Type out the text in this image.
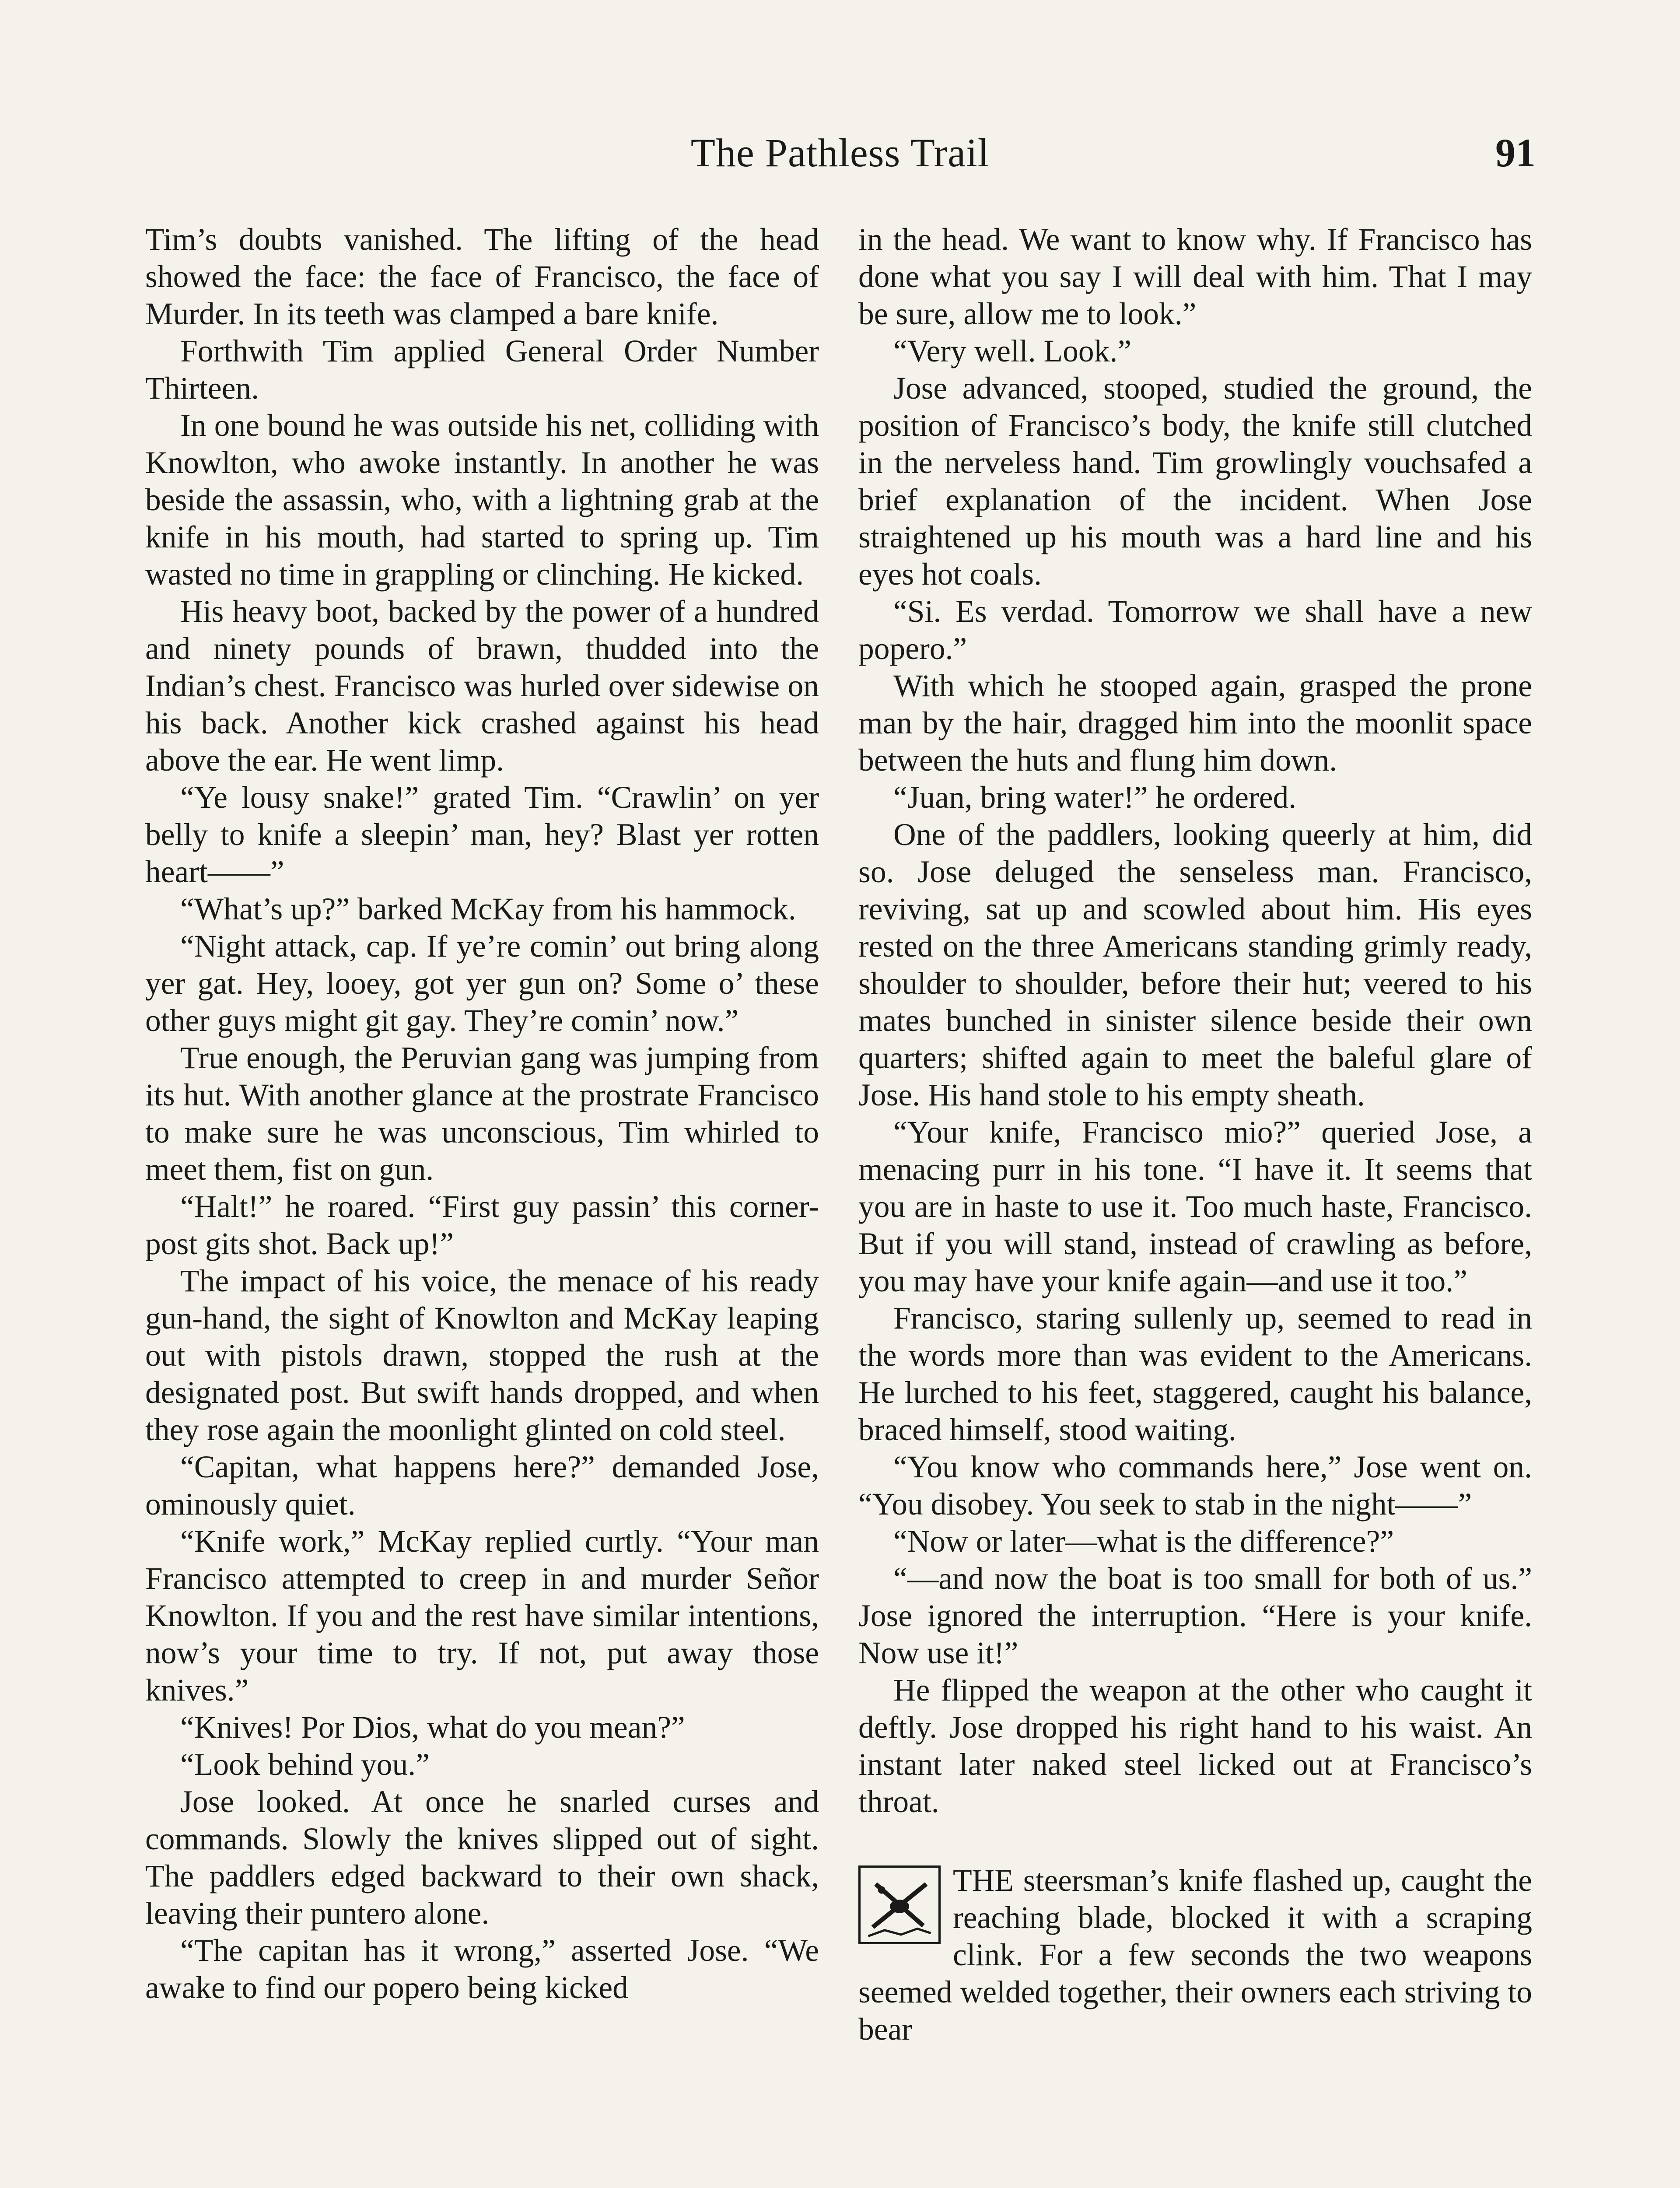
The Pathless Trail	91

Tim’s doubts vanished. The lifting of the head showed the face: the face of Francisco, the face of Murder. In its teeth was clamped a bare knife.

Forthwith Tim applied General Order Number Thirteen.

In one bound he was outside his net, colliding with Knowlton, who awoke instantly. In another he was beside the assassin, who, with a lightning grab at the knife in his mouth, had started to spring up. Tim wasted no time in grappling or clinching. He kicked.

His heavy boot, backed by the power of a hundred and ninety pounds of brawn, thudded into the Indian’s chest. Francisco was hurled over sidewise on his back. Another kick crashed against his head above the ear. He went limp.

“Ye lousy snake!” grated Tim. “Crawlin’ on yer belly to knife a sleepin’ man, hey? Blast yer rotten heart——”

“What’s up?” barked McKay from his hammock.

“Night attack, cap. If ye’re comin’ out bring along yer gat. Hey, looey, got yer gun on? Some o’ these other guys might git gay. They’re comin’ now.”

True enough, the Peruvian gang was jumping from its hut. With another glance at the prostrate Francisco to make sure he was unconscious, Tim whirled to meet them, fist on gun.

“Halt!” he roared. “First guy passin’ this corner-post gits shot. Back up!”

The impact of his voice, the menace of his ready gun-hand, the sight of Knowlton and McKay leaping out with pistols drawn, stopped the rush at the designated post. But swift hands dropped, and when they rose again the moonlight glinted on cold steel.

“Capitan, what happens here?” demanded Jose, ominously quiet.

“Knife work,” McKay replied curtly. “Your man Francisco attempted to creep in and murder Señor Knowlton. If you and the rest have similar intentions, now’s your time to try. If not, put away those knives.”

“Knives! Por Dios, what do you mean?”

“Look behind you.”

Jose looked. At once he snarled curses and commands. Slowly the knives slipped out of sight. The paddlers edged backward to their own shack, leaving their puntero alone.

“The capitan has it wrong,” asserted Jose. “We awake to find our popero being kicked

in the head. We want to know why. If Francisco has done what you say I will deal with him. That I may be sure, allow me to look.”

“Very well. Look.”

Jose advanced, stooped, studied the ground, the position of Francisco’s body, the knife still clutched in the nerveless hand. Tim growlingly vouchsafed a brief explanation of the incident. When Jose straightened up his mouth was a hard line and his eyes hot coals.

“Si. Es verdad. Tomorrow we shall have a new popero.”

With which he stooped again, grasped the prone man by the hair, dragged him into the moonlit space between the huts and flung him down.

“Juan, bring water!” he ordered.

One of the paddlers, looking queerly at him, did so. Jose deluged the senseless man. Francisco, reviving, sat up and scowled about him. His eyes rested on the three Americans standing grimly ready, shoulder to shoulder, before their hut; veered to his mates bunched in sinister silence beside their own quarters; shifted again to meet the baleful glare of Jose. His hand stole to his empty sheath.

“Your knife, Francisco mio?” queried Jose, a menacing purr in his tone. “I have it. It seems that you are in haste to use it. Too much haste, Francisco. But if you will stand, instead of crawling as before, you may have your knife again—and use it too.”

Francisco, staring sullenly up, seemed to read in the words more than was evident to the Americans. He lurched to his feet, staggered, caught his balance, braced himself, stood waiting.

“You know who commands here,” Jose went on. “You disobey. You seek to stab in the night——”

“Now or later—what is the difference?”

“—and now the boat is too small for both of us.” Jose ignored the interruption. “Here is your knife. Now use it!”

He flipped the weapon at the other who caught it deftly. Jose dropped his right hand to his waist. An instant later naked steel licked out at Francisco’s throat.

THE steersman’s knife flashed up, caught the reaching blade, blocked it with a scraping clink. For a few seconds the two weapons seemed welded together, their owners each striving to bear
